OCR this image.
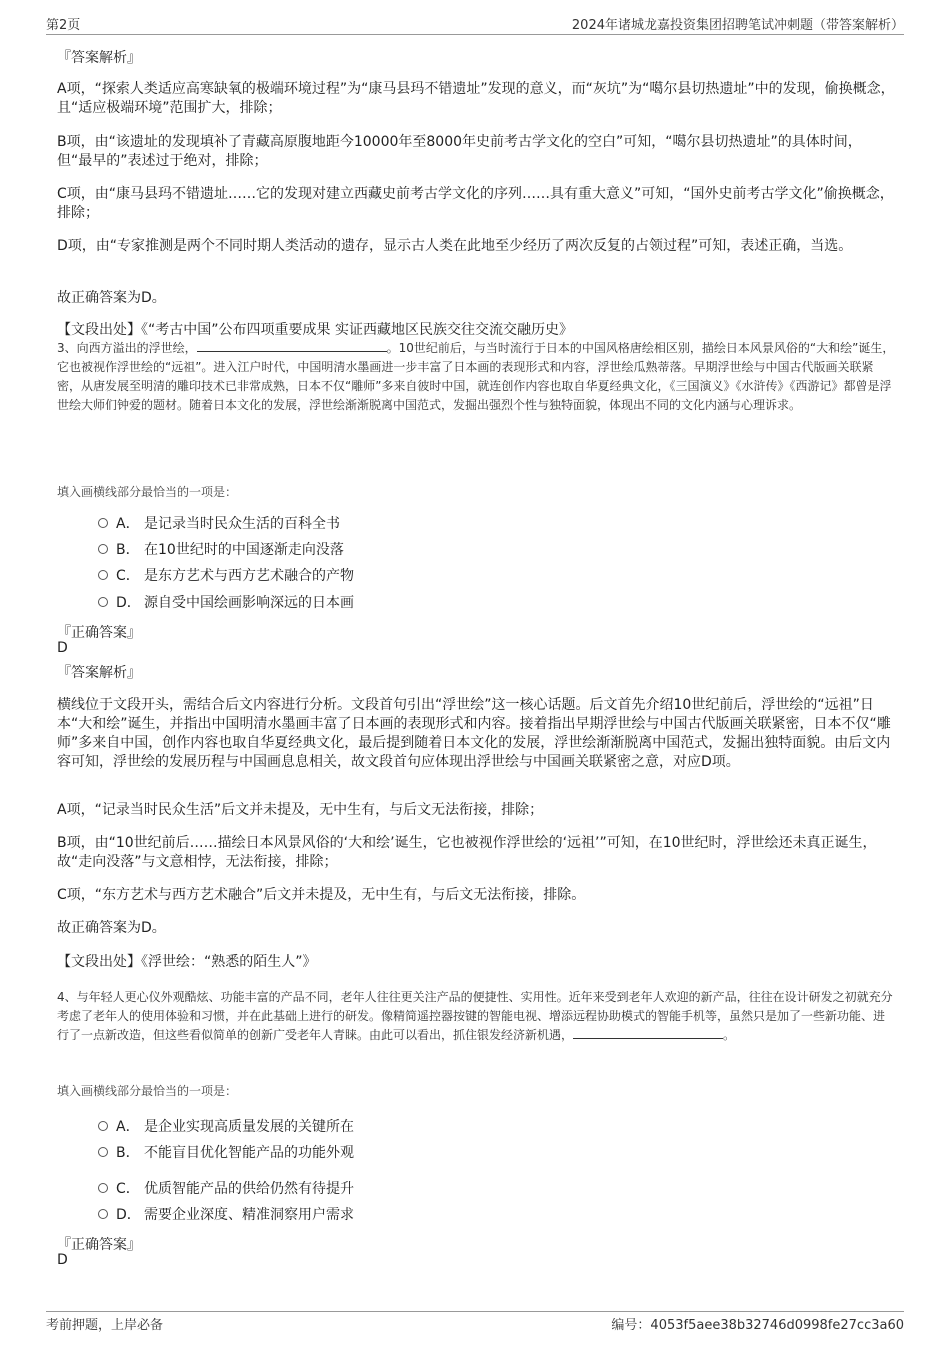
第2页	2024年诸城龙嘉投资集团招聘笔试冲刺题（带答案解析）
『答案解析』
A项，“探索人类适应高寒缺氧的极端环境过程”为“康马县玛不错遗址”发现的意义，而“灰坑”为“噶尔县切热遗址”中的发现，偷换概念，且“适应极端环境”范围扩大，排除；
B项，由“该遗址的发现填补了青藏高原腹地距今10000年至8000年史前考古学文化的空白”可知，“噶尔县切热遗址”的具体时间，但“最早的”表述过于绝对，排除；
C项，由“康马县玛不错遗址……它的发现对建立西藏史前考古学文化的序列……具有重大意义”可知，“国外史前考古学文化”偷换概念，排除；
D项，由“专家推测是两个不同时期人类活动的遗存，显示古人类在此地至少经历了两次反复的占领过程”可知，表述正确，当选。
故正确答案为D。
【文段出处】《“考古中国”公布四项重要成果 实证西藏地区民族交往交流交融历史》
3、向西方溢出的浮世绘，	。10世纪前后，与当时流行于日本的中国风格唐绘相区别，描绘日本风景风俗的“大和绘”诞生，它也被视作浮世绘的“远祖”。进入江户时代，中国明清水墨画进一步丰富了日本画的表现形式和内容，浮世绘瓜熟蒂落。早期浮世绘与中国古代版画关联紧密，从唐发展至明清的雕印技术已非常成熟，日本不仅“雕师”多来自彼时中国，就连创作内容也取自华夏经典文化，《三国演义》《水浒传》《西游记》都曾是浮世绘大师们钟爱的题材。随着日本文化的发展，浮世绘渐渐脱离中国范式，发掘出强烈个性与独特面貌，体现出不同的文化内涵与心理诉求。
填入画横线部分最恰当的一项是：
A． 是记录当时民众生活的百科全书
B． 在10世纪时的中国逐渐走向没落
C． 是东方艺术与西方艺术融合的产物
D． 源自受中国绘画影响深远的日本画
『正确答案』
D
『答案解析』
横线位于文段开头，需结合后文内容进行分析。文段首句引出“浮世绘”这一核心话题。后文首先介绍10世纪前后，浮世绘的“远祖”日本“大和绘”诞生，并指出中国明清水墨画丰富了日本画的表现形式和内容。接着指出早期浮世绘与中国古代版画关联紧密，日本不仅“雕师”多来自中国，创作内容也取自华夏经典文化，最后提到随着日本文化的发展，浮世绘渐渐脱离中国范式，发掘出独特面貌。由后文内容可知，浮世绘的发展历程与中国画息息相关，故文段首句应体现出浮世绘与中国画关联紧密之意，对应D项。
A项，“记录当时民众生活”后文并未提及，无中生有，与后文无法衔接，排除；
B项，由“10世纪前后……描绘日本风景风俗的‘大和绘’诞生，它也被视作浮世绘的‘远祖’”可知，在10世纪时，浮世绘还未真正诞生，故“走向没落”与文意相悖，无法衔接，排除；
C项，“东方艺术与西方艺术融合”后文并未提及，无中生有，与后文无法衔接，排除。
故正确答案为D。
【文段出处】《浮世绘：“熟悉的陌生人”》
4、与年轻人更心仪外观酷炫、功能丰富的产品不同，老年人往往更关注产品的便捷性、实用性。近年来受到老年人欢迎的新产品，往往在设计研发之初就充分考虑了老年人的使用体验和习惯，并在此基础上进行的研发。像精简遥控器按键的智能电视、增添远程协助模式的智能手机等，虽然只是加了一些新功能、进行了一点新改造，但这些看似简单的创新广受老年人青睐。由此可以看出，抓住银发经济新机遇，	。
填入画横线部分最恰当的一项是：
A． 是企业实现高质量发展的关键所在
B． 不能盲目优化智能产品的功能外观
C． 优质智能产品的供给仍然有待提升
D． 需要企业深度、精准洞察用户需求
『正确答案』
D
考前押题，上岸必备	编号：4053f5aee38b32746d0998fe27cc3a60
